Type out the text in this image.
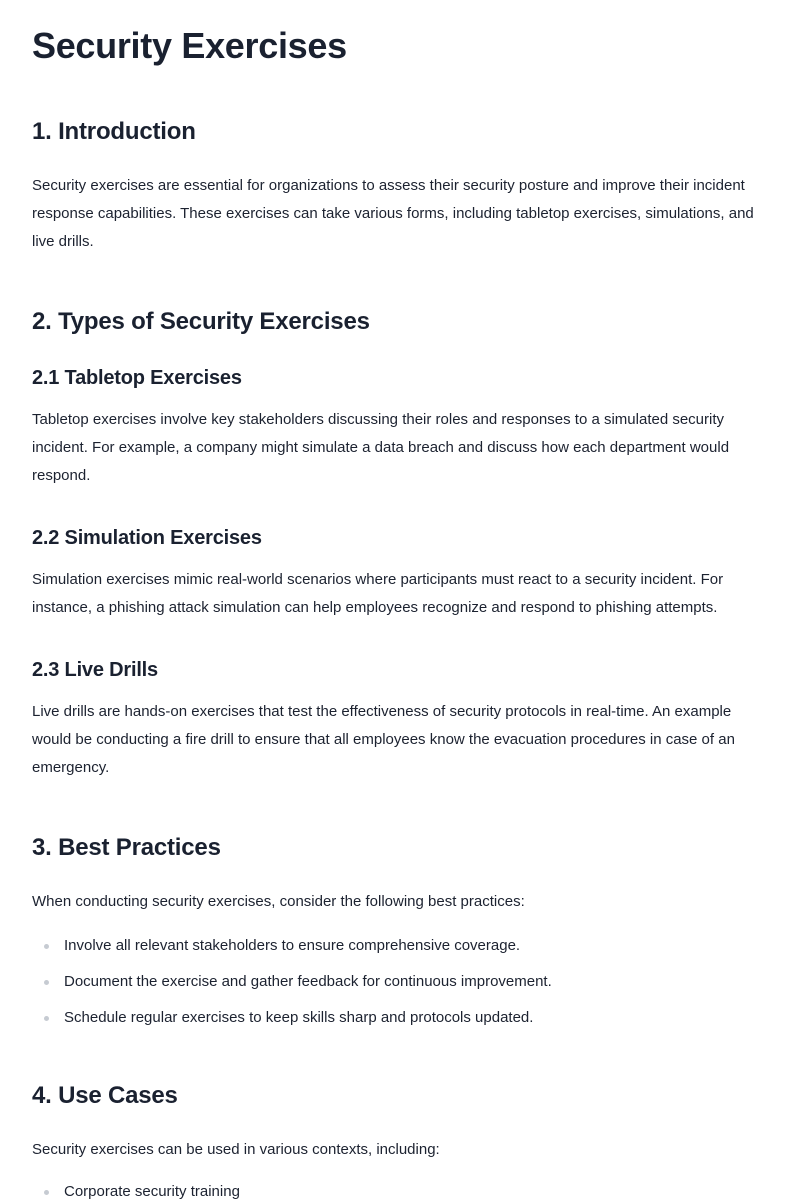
Security Exercises
1. Introduction

Security exercises are essential for organizations to assess their security posture and improve their incident response capabilities. These exercises can take various forms, including tabletop exercises, simulations, and live drills.

2. Types of Security Exercises
2.1 Tabletop Exercises

Tabletop exercises involve key stakeholders discussing their roles and responses to a simulated security incident. For example, a company might simulate a data breach and discuss how each department would respond.

2.2 Simulation Exercises

Simulation exercises mimic real-world scenarios where participants must react to a security incident. For instance, a phishing attack simulation can help employees recognize and respond to phishing attempts.

2.3 Live Drills

Live drills are hands-on exercises that test the effectiveness of security protocols in real-time. An example would be conducting a fire drill to ensure that all employees know the evacuation procedures in case of an emergency.

3. Best Practices

When conducting security exercises, consider the following best practices:

Involve all relevant stakeholders to ensure comprehensive coverage.
Document the exercise and gather feedback for continuous improvement.
Schedule regular exercises to keep skills sharp and protocols updated.
4. Use Cases

Security exercises can be used in various contexts, including:

Corporate security training
